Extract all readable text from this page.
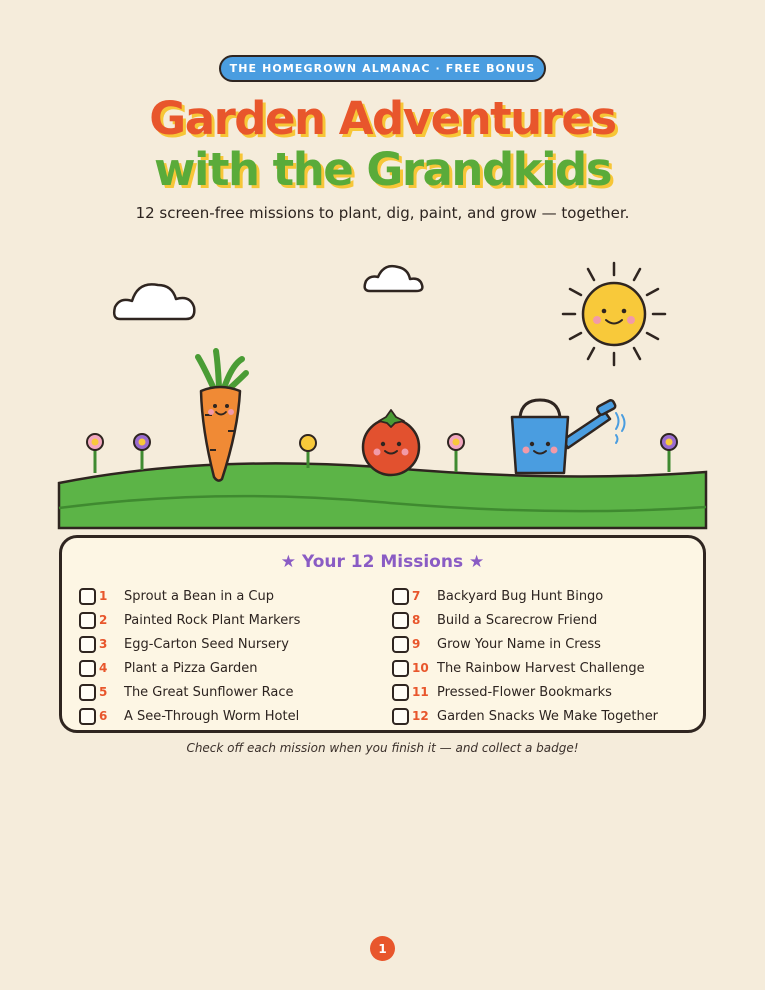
THE HOMEGROWN ALMANAC · FREE BONUS
Garden Adventures
with the Grandkids
12 screen-free missions to plant, dig, paint, and grow — together.
★ Your 12 Missions ★
1	Sprout a Bean in a Cup
2	Painted Rock Plant Markers
3	Egg-Carton Seed Nursery
4	Plant a Pizza Garden
5	The Great Sunflower Race
6	A See-Through Worm Hotel
7	Backyard Bug Hunt Bingo
8	Build a Scarecrow Friend
9	Grow Your Name in Cress
10 The Rainbow Harvest Challenge
11 Pressed-Flower Bookmarks
12 Garden Snacks We Make Together
Check off each mission when you finish it — and collect a badge!
1
